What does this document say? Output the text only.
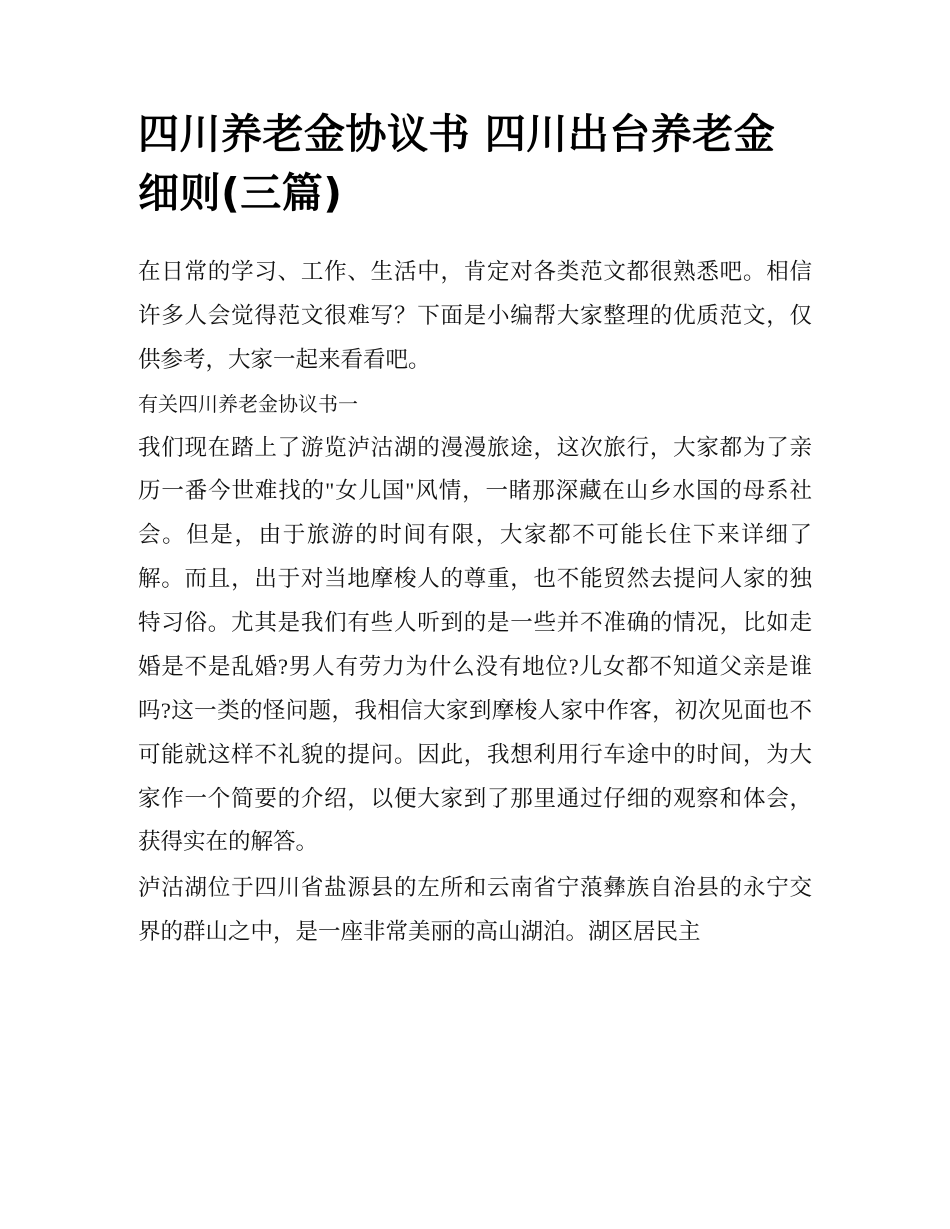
四川养老金协议书 四川出台养老金细则(三篇)

在日常的学习、工作、生活中，肯定对各类范文都很熟悉吧。相信许多人会觉得范文很难写？下面是小编帮大家整理的优质范文，仅供参考，大家一起来看看吧。

有关四川养老金协议书一

我们现在踏上了游览泸沽湖的漫漫旅途，这次旅行，大家都为了亲历一番今世难找的"女儿国"风情，一睹那深藏在山乡水国的母系社会。但是，由于旅游的时间有限，大家都不可能长住下来详细了解。而且，出于对当地摩梭人的尊重，也不能贸然去提问人家的独特习俗。尤其是我们有些人听到的是一些并不准确的情况，比如走婚是不是乱婚?男人有劳力为什么没有地位?儿女都不知道父亲是谁吗?这一类的怪问题，我相信大家到摩梭人家中作客，初次见面也不可能就这样不礼貌的提问。因此，我想利用行车途中的时间，为大家作一个简要的介绍，以便大家到了那里通过仔细的观察和体会，获得实在的解答。

泸沽湖位于四川省盐源县的左所和云南省宁蒗彝族自治县的永宁交界的群山之中，是一座非常美丽的高山湖泊。湖区居民主
